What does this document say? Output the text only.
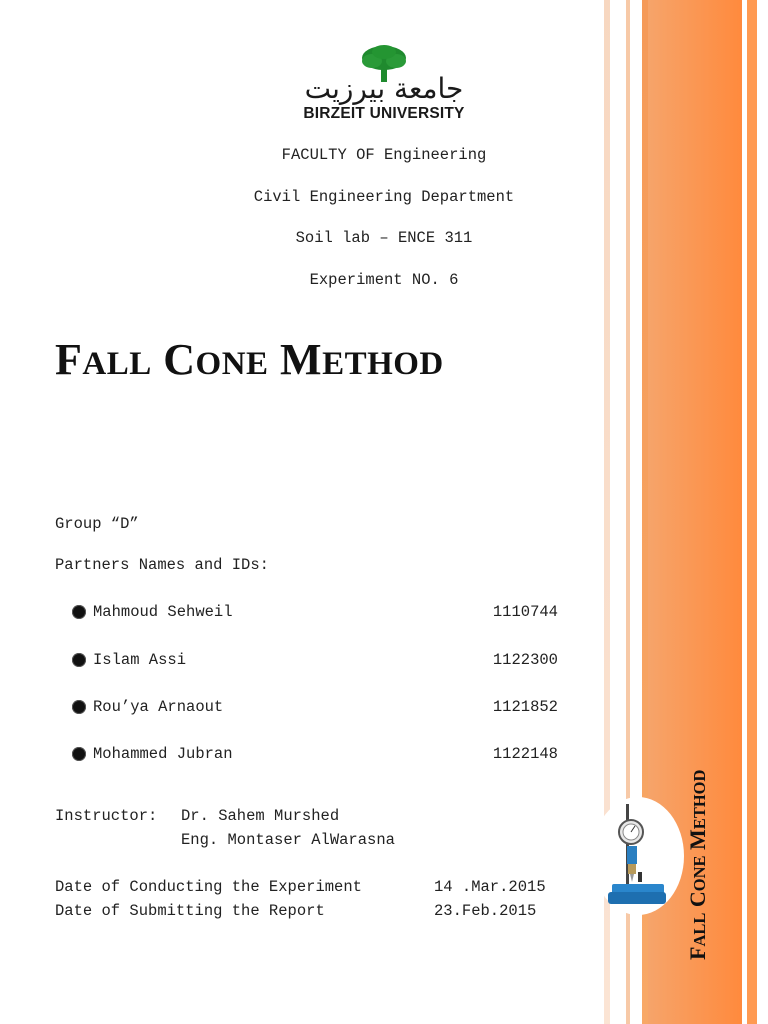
جامعة بيرزيت
BIRZEIT UNIVERSITY
FACULTY OF Engineering
Civil Engineering Department
Soil lab – ENCE 311
Experiment NO. 6
FALL CONE METHOD
Group “D”
Partners Names and IDs:
Mahmoud Sehweil	1110744
Islam Assi	1122300
Rou’ya Arnaout	1121852
Mohammed Jubran	1122148
Instructor: Dr. Sahem Murshed
Eng. Montaser AlWarasna
Date of Conducting the Experiment	14 .Mar.2015
Date of Submitting the Report	23.Feb.2015
FALL CONE METHOD
